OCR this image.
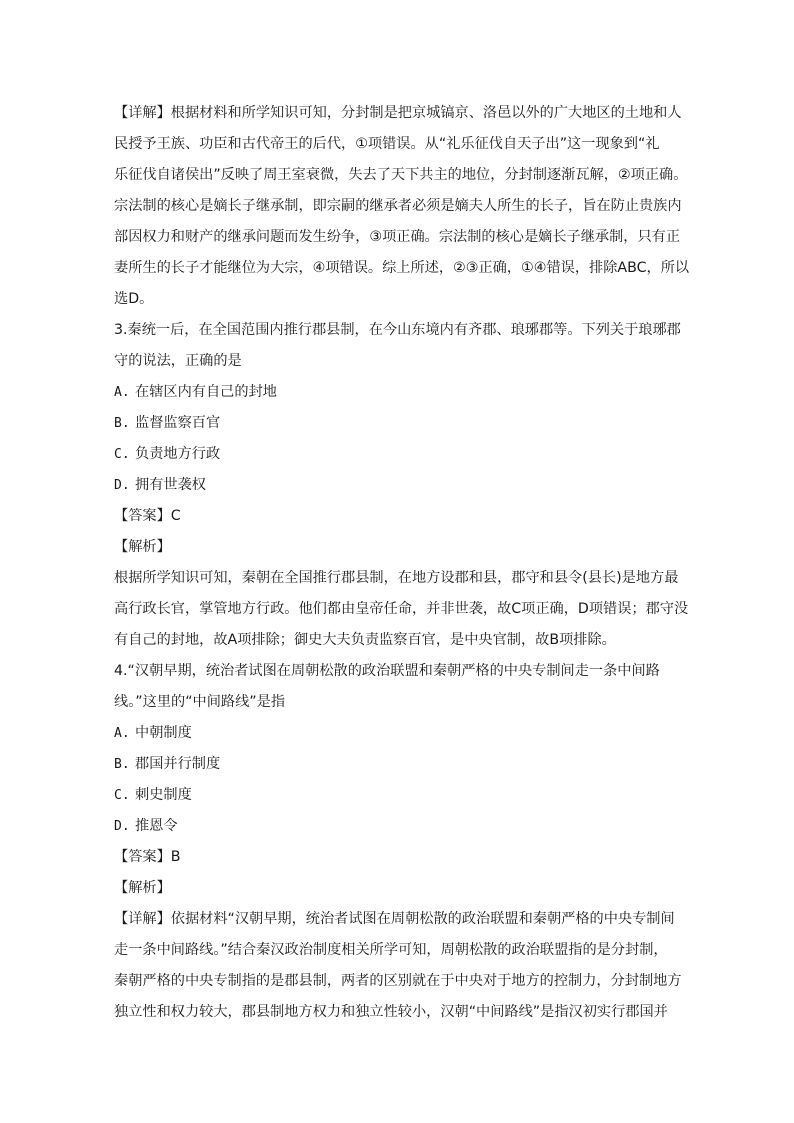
【详解】根据材料和所学知识可知，分封制是把京城镐京、洛邑以外的广大地区的土地和人
民授予王族、功臣和古代帝王的后代，①项错误。从“礼乐征伐自天子出”这一现象到“礼
乐征伐自诸侯出”反映了周王室衰微，失去了天下共主的地位，分封制逐渐瓦解，②项正确。
宗法制的核心是嫡长子继承制，即宗嗣的继承者必须是嫡夫人所生的长子，旨在防止贵族内
部因权力和财产的继承问题而发生纷争，③项正确。宗法制的核心是嫡长子继承制，只有正
妻所生的长子才能继位为大宗，④项错误。综上所述，②③正确，①④错误，排除ABC，所以
选D。
3.秦统一后，在全国范围内推行郡县制，在今山东境内有齐郡、琅琊郡等。下列关于琅琊郡
守的说法，正确的是
A. 在辖区内有自己的封地
B. 监督监察百官
C. 负责地方行政
D. 拥有世袭权
【答案】C
【解析】
根据所学知识可知，秦朝在全国推行郡县制，在地方设郡和县，郡守和县令(县长)是地方最
高行政长官，掌管地方行政。他们都由皇帝任命，并非世袭，故C项正确，D项错误；郡守没
有自己的封地，故A项排除；御史大夫负责监察百官，是中央官制，故B项排除。
4.“汉朝早期，统治者试图在周朝松散的政治联盟和秦朝严格的中央专制间走一条中间路
线。”这里的“中间路线”是指
A. 中朝制度
B. 郡国并行制度
C. 刺史制度
D. 推恩令
【答案】B
【解析】
【详解】依据材料“汉朝早期，统治者试图在周朝松散的政治联盟和秦朝严格的中央专制间
走一条中间路线。”结合秦汉政治制度相关所学可知，周朝松散的政治联盟指的是分封制，
秦朝严格的中央专制指的是郡县制，两者的区别就在于中央对于地方的控制力，分封制地方
独立性和权力较大，郡县制地方权力和独立性较小，汉朝“中间路线”是指汉初实行郡国并
